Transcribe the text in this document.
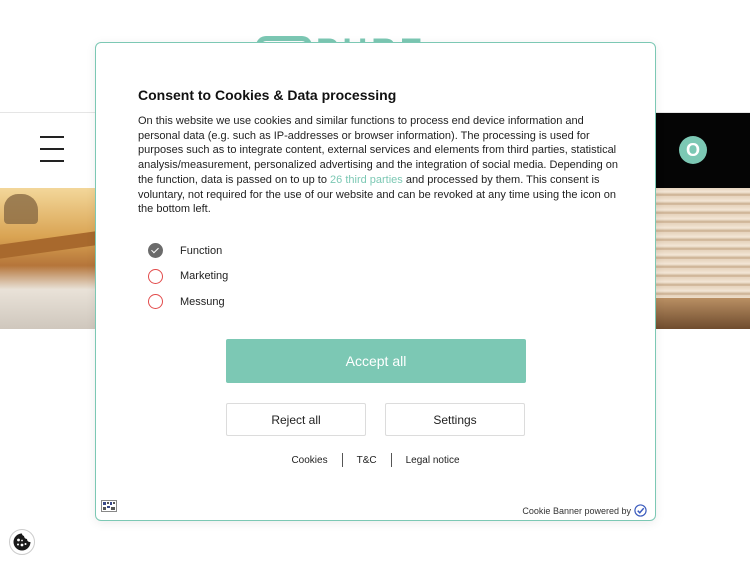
O
Consent to Cookies & Data processing
On this website we use cookies and similar functions to process end device information and personal data (e.g. such as IP-addresses or browser information). The processing is used for purposes such as to integrate content, external services and elements from third parties, statistical analysis/measurement, personalized advertising and the integration of social media. Depending on the function, data is passed on to up to 26 third parties and processed by them. This consent is voluntary, not required for the use of our website and can be revoked at any time using the icon on the bottom left.
Function
Marketing
Messung
Accept all
Reject all	Settings
Cookies	T&C	Legal notice
Cookie Banner powered by
